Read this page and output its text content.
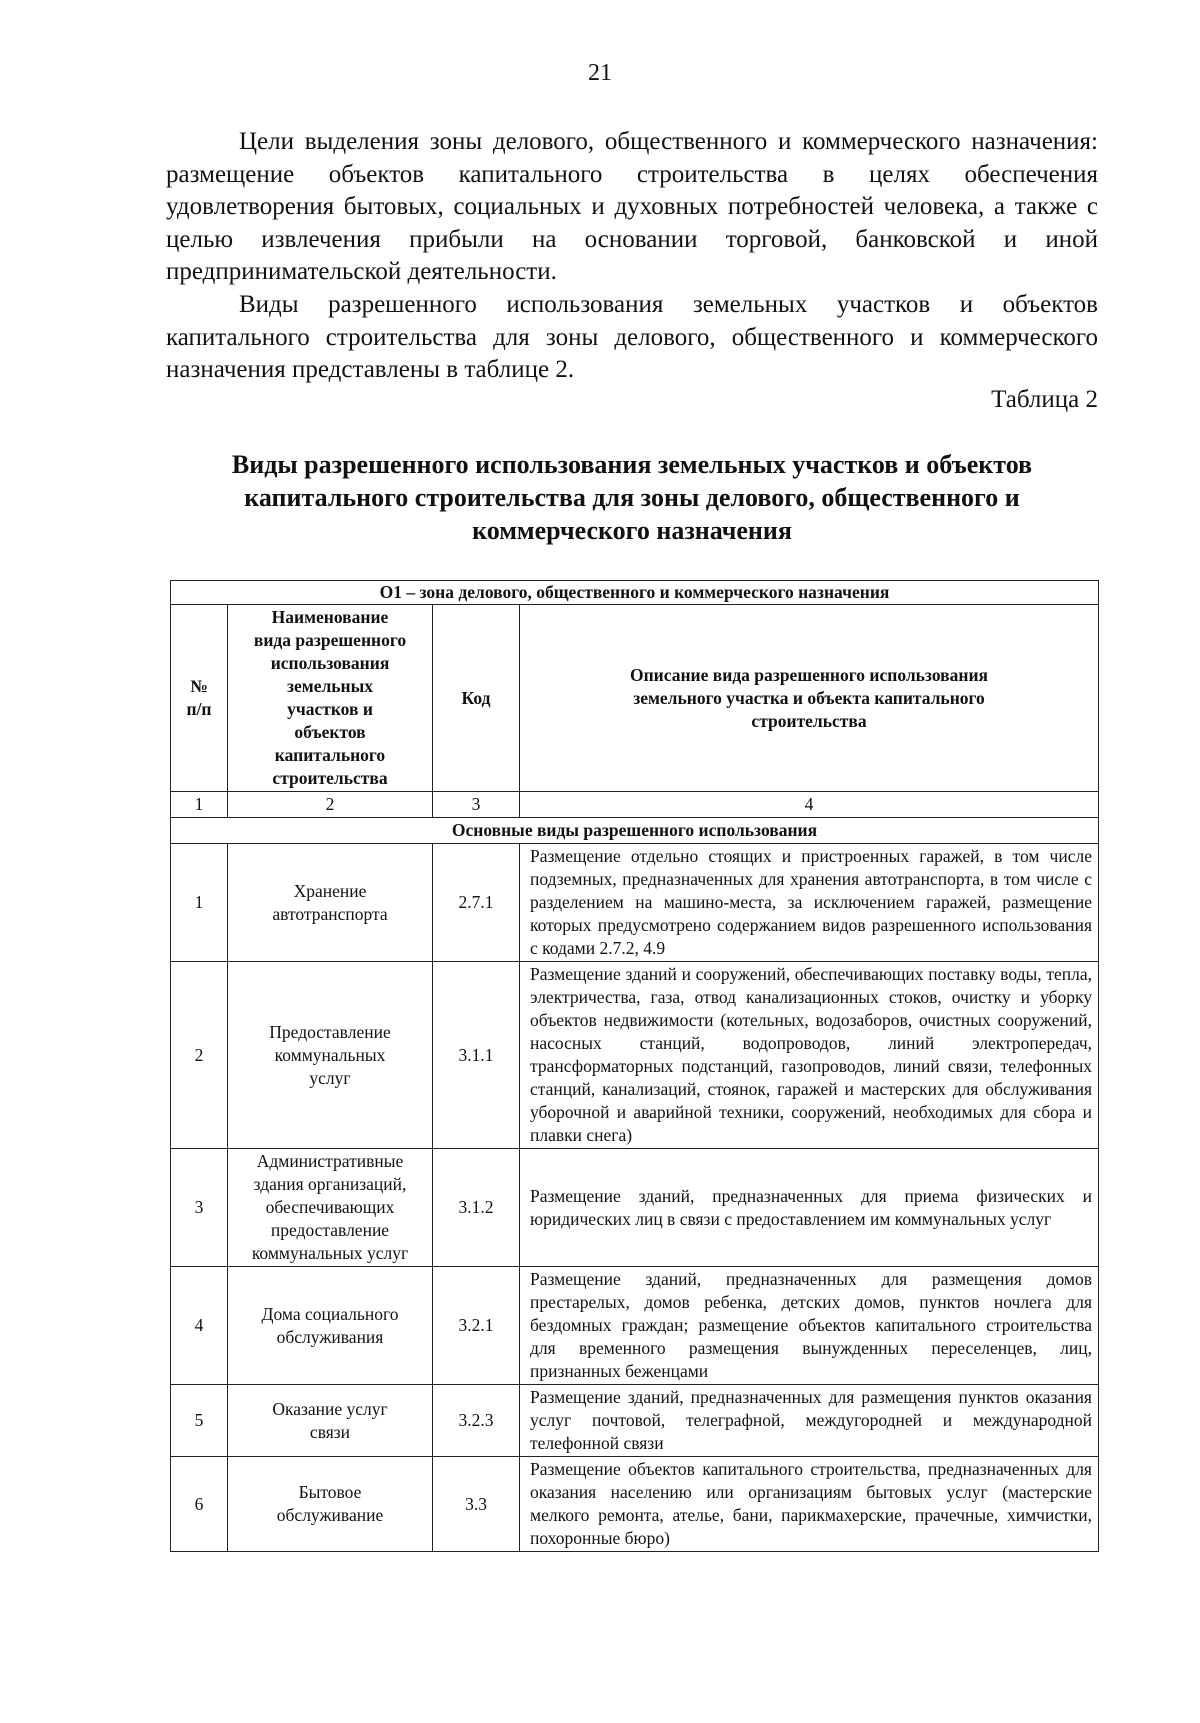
21

Цели выделения зоны делового, общественного и коммерческого назначения: размещение объектов капитального строительства в целях обеспечения удовлетворения бытовых, социальных и духовных потребностей человека, а также с целью извлечения прибыли на основании торговой, банковской и иной предпринимательской деятельности.

Виды разрешенного использования земельных участков и объектов капитального строительства для зоны делового, общественного и коммерческого назначения представлены в таблице 2.

Таблица 2
Виды разрешенного использования земельных участков и объектов капитального строительства для зоны делового, общественного и коммерческого назначения
О1 – зона делового, общественного и коммерческого назначения			
№ п/п	Наименование вида разрешенного использования земельных участков и объектов капитального строительства	Код	Описание вида разрешенного использования земельного участка и объекта капитального строительства
1	2	3	4
Основные виды разрешенного использования			
1	Хранение автотранспорта	2.7.1	Размещение отдельно стоящих и пристроенных гаражей, в том числе подземных, предназначенных для хранения автотранспорта, в том числе с разделением на машино-места, за исключением гаражей, размещение которых предусмотрено содержанием видов разрешенного использования с кодами 2.7.2, 4.9
2	Предоставление коммунальных услуг	3.1.1	Размещение зданий и сооружений, обеспечивающих поставку воды, тепла, электричества, газа, отвод канализационных стоков, очистку и уборку объектов недвижимости (котельных, водозаборов, очистных сооружений, насосных станций, водопроводов, линий электропередач, трансформаторных подстанций, газопроводов, линий связи, телефонных станций, канализаций, стоянок, гаражей и мастерских для обслуживания уборочной и аварийной техники, сооружений, необходимых для сбора и плавки снега)
3	Административные здания организаций, обеспечивающих предоставление коммунальных услуг	3.1.2	Размещение зданий, предназначенных для приема физических и юридических лиц в связи с предоставлением им коммунальных услуг
4	Дома социального обслуживания	3.2.1	Размещение зданий, предназначенных для размещения домов престарелых, домов ребенка, детских домов, пунктов ночлега для бездомных граждан; размещение объектов капитального строительства для временного размещения вынужденных переселенцев, лиц, признанных беженцами
5	Оказание услуг связи	3.2.3	Размещение зданий, предназначенных для размещения пунктов оказания услуг почтовой, телеграфной, междугородней и международной телефонной связи
6	Бытовое обслуживание	3.3	Размещение объектов капитального строительства, предназначенных для оказания населению или организациям бытовых услуг (мастерские мелкого ремонта, ателье, бани, парикмахерские, прачечные, химчистки, похоронные бюро)
